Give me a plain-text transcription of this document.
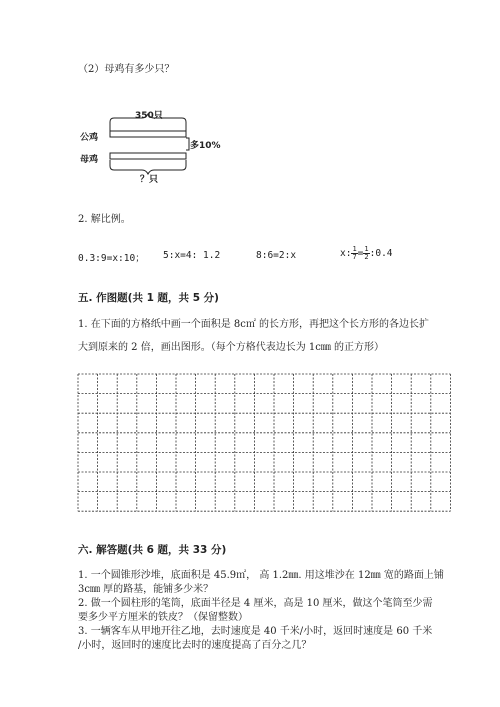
（2）母鸡有多少只？
350只
公鸡
母鸡
多10%
？只
2. 解比例。
0.3:9=x:10； 5:x=4: 1.2	8:6=2:x	x: $\frac{1}{7} = \frac{1}{2}$ :0.4
五. 作图题(共 1 题，共 5 分)
1. 在下面的方格纸中画一个面积是 8c㎡ 的长方形，再把这个长方形的各边长扩
大到原来的 2 倍，画出图形。（每个方格代表边长为 1c㎜ 的正方形）
六. 解答题(共 6 题，共 33 分)
1. 一个圆锥形沙堆，底面积是 45.9㎡， 高 1.2㎜. 用这堆沙在 12㎜ 宽的路面上铺
3c㎜ 厚的路基，能铺多少米？
2. 做一个圆柱形的笔筒，底面半径是 4 厘米，高是 10 厘米，做这个笔筒至少需
要多少平方厘米的铁皮？（保留整数）
3. 一辆客车从甲地开往乙地，去时速度是 40 千米/小时，返回时速度是 60 千米
/小时，返回时的速度比去时的速度提高了百分之几？
